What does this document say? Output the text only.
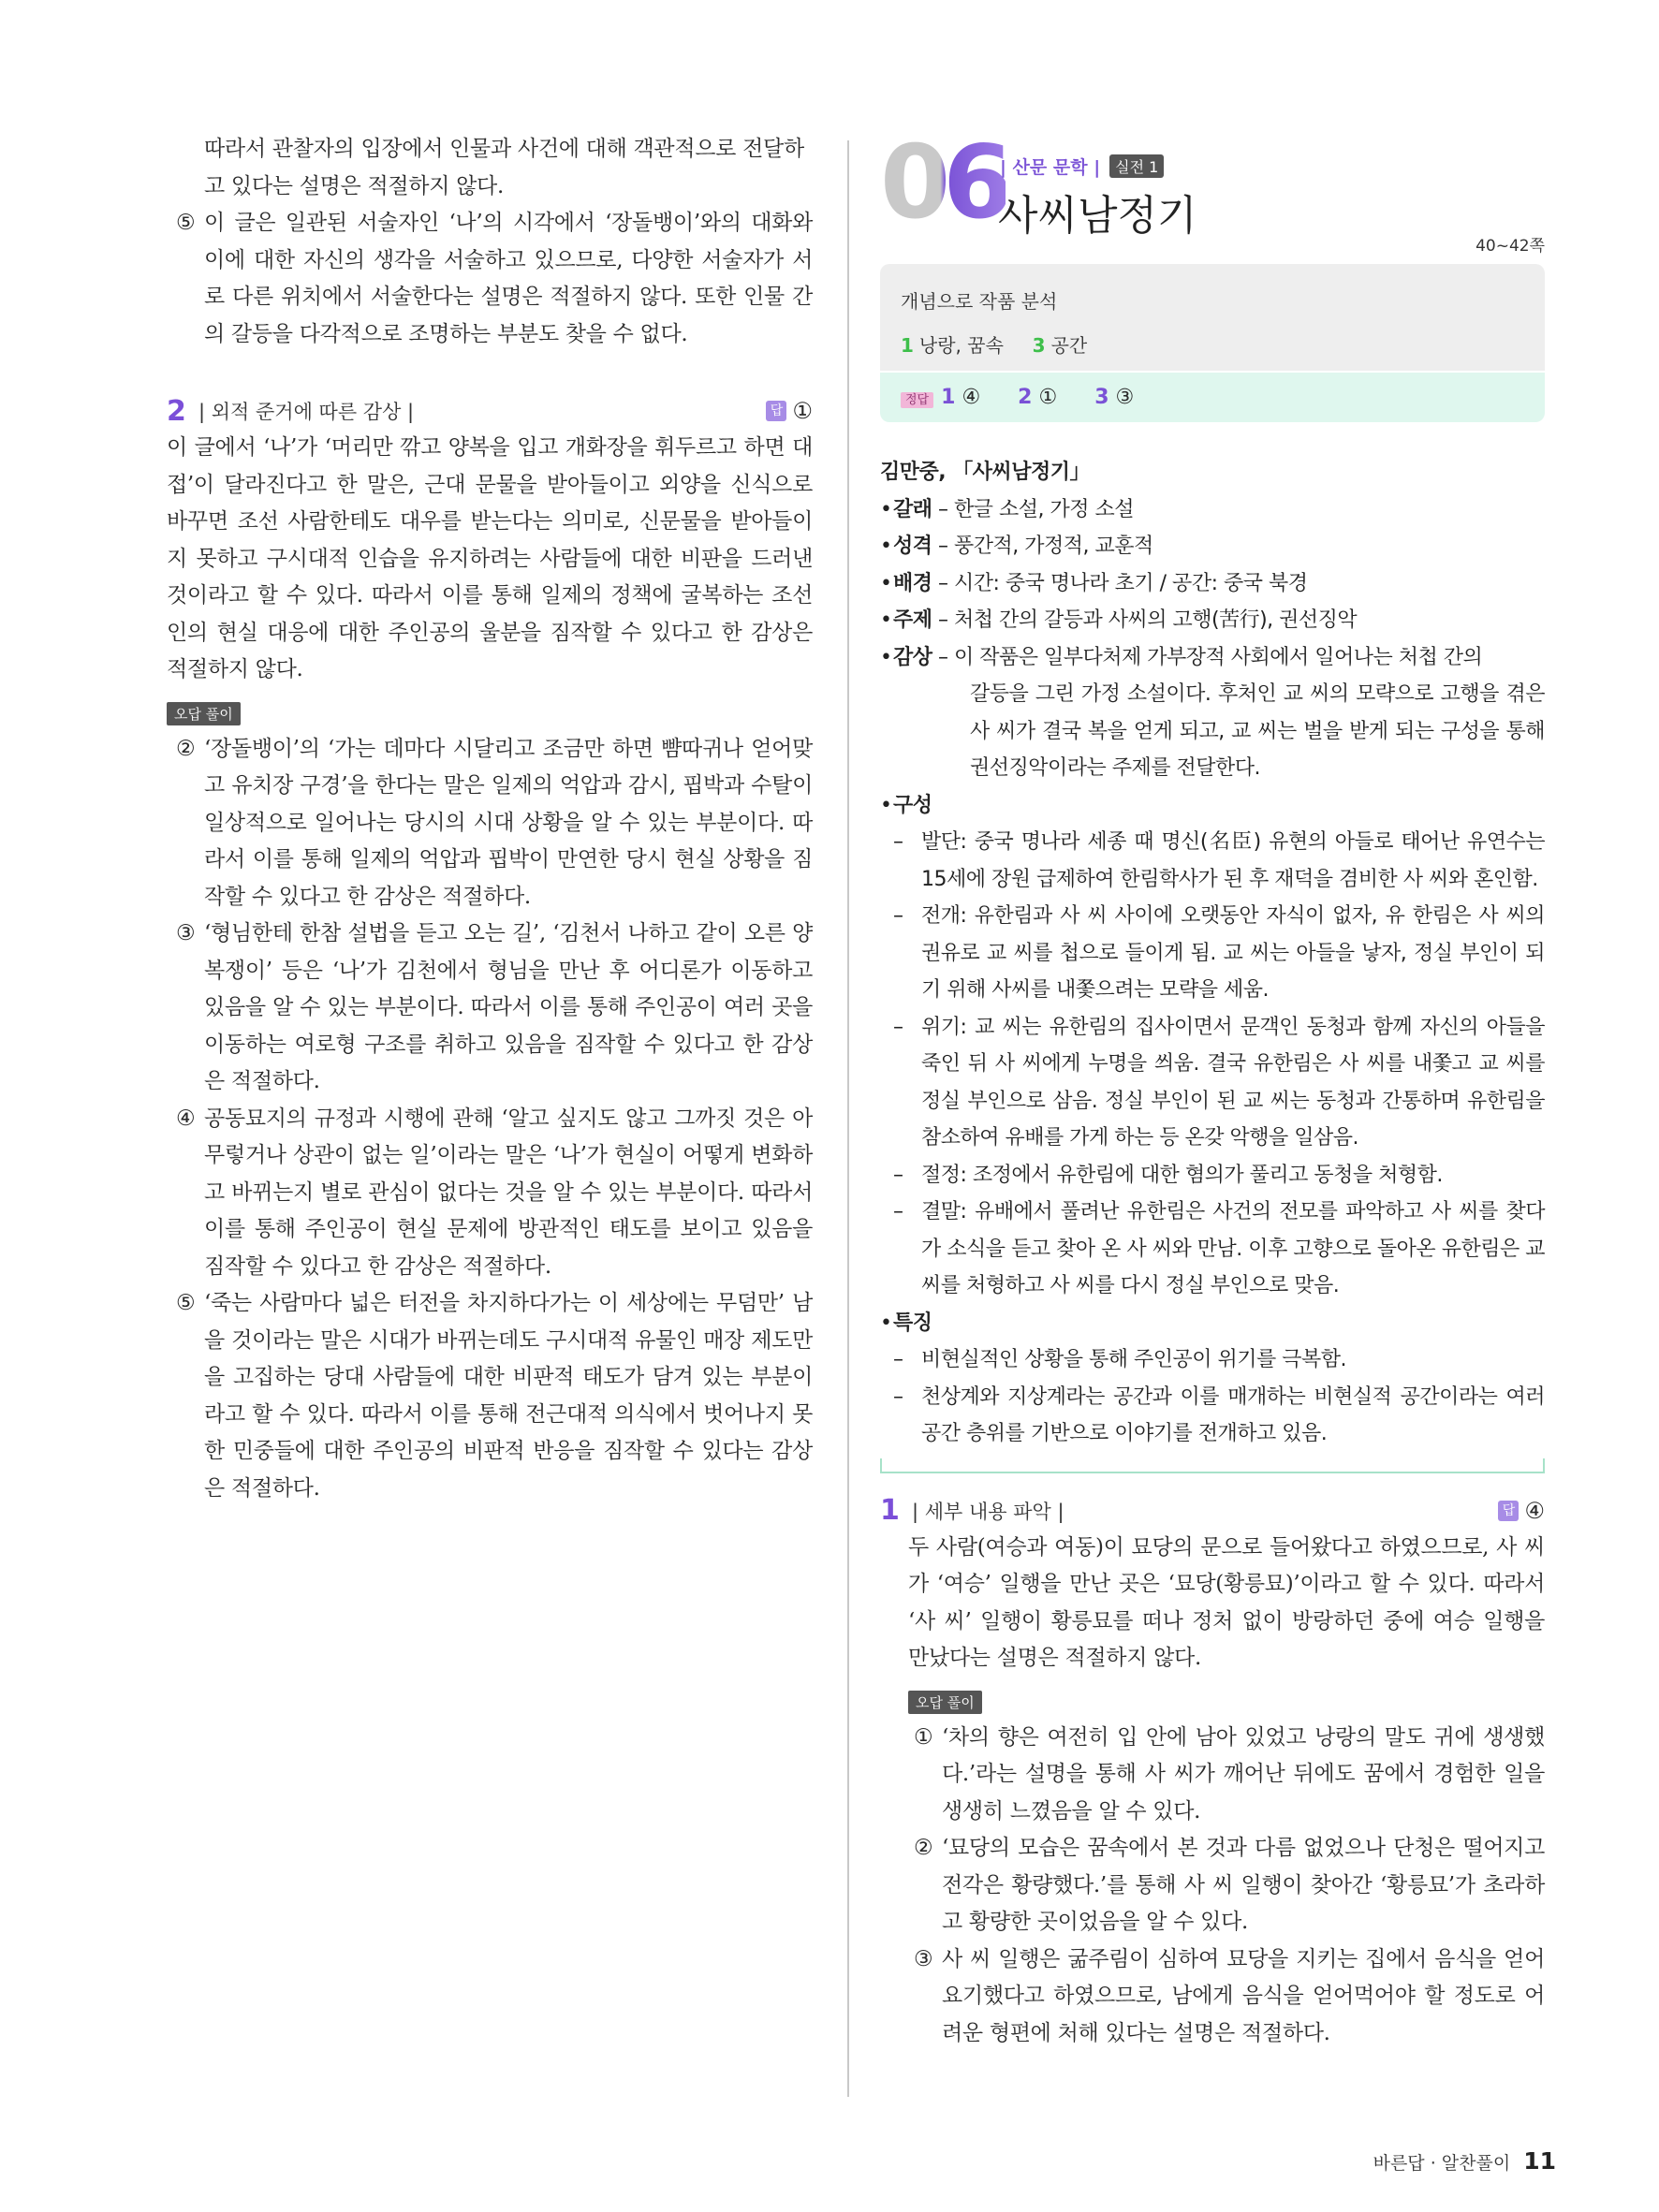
따라서 관찰자의 입장에서 인물과 사건에 대해 객관적으로 전달하

고 있다는 설명은 적절하지 않다.

⑤ 이 글은 일관된 서술자인 ‘나’의 시각에서 ‘장돌뱅이’와의 대화와 이에 대한 자신의 생각을 서술하고 있으므로, 다양한 서술자가 서로 다른 위치에서 서술한다는 설명은 적절하지 않다. 또한 인물 간의 갈등을 다각적으로 조명하는 부분도 찾을 수 없다.
2 | 외적 준거에 따른 감상 |	답 ①

이 글에서 ‘나’가 ‘머리만 깎고 양복을 입고 개화장을 휘두르고 하면 대접’이 달라진다고 한 말은, 근대 문물을 받아들이고 외양을 신식으로 바꾸면 조선 사람한테도 대우를 받는다는 의미로, 신문물을 받아들이지 못하고 구시대적 인습을 유지하려는 사람들에 대한 비판을 드러낸 것이라고 할 수 있다. 따라서 이를 통해 일제의 정책에 굴복하는 조선인의 현실 대응에 대한 주인공의 울분을 짐작할 수 있다고 한 감상은 적절하지 않다.

오답 풀이
② ‘장돌뱅이’의 ‘가는 데마다 시달리고 조금만 하면 뺨따귀나 얻어맞고 유치장 구경’을 한다는 말은 일제의 억압과 감시, 핍박과 수탈이 일상적으로 일어나는 당시의 시대 상황을 알 수 있는 부분이다. 따라서 이를 통해 일제의 억압과 핍박이 만연한 당시 현실 상황을 짐작할 수 있다고 한 감상은 적절하다.
③ ‘형님한테 한참 설법을 듣고 오는 길’, ‘김천서 나하고 같이 오른 양복쟁이’ 등은 ‘나’가 김천에서 형님을 만난 후 어디론가 이동하고 있음을 알 수 있는 부분이다. 따라서 이를 통해 주인공이 여러 곳을 이동하는 여로형 구조를 취하고 있음을 짐작할 수 있다고 한 감상은 적절하다.
④ 공동묘지의 규정과 시행에 관해 ‘알고 싶지도 않고 그까짓 것은 아무렇거나 상관이 없는 일’이라는 말은 ‘나’가 현실이 어떻게 변화하고 바뀌는지 별로 관심이 없다는 것을 알 수 있는 부분이다. 따라서 이를 통해 주인공이 현실 문제에 방관적인 태도를 보이고 있음을 짐작할 수 있다고 한 감상은 적절하다.
⑤ ‘죽는 사람마다 넓은 터전을 차지하다가는 이 세상에는 무덤만’ 남을 것이라는 말은 시대가 바뀌는데도 구시대적 유물인 매장 제도만을 고집하는 당대 사람들에 대한 비판적 태도가 담겨 있는 부분이라고 할 수 있다. 따라서 이를 통해 전근대적 의식에서 벗어나지 못한 민중들에 대한 주인공의 비판적 반응을 짐작할 수 있다는 감상은 적절하다.
06
| 산문 문학 |	실전 1
사씨남정기
40~42쪽
개념으로 작품 분석
1 낭랑, 꿈속 3 공간
정답 1 ④ 2 ① 3 ③
김만중, 「사씨남정기」
• 갈래 – 한글 소설, 가정 소설
• 성격 – 풍간적, 가정적, 교훈적
• 배경 – 시간: 중국 명나라 초기 / 공간: 중국 북경
• 주제 – 처첩 간의 갈등과 사씨의 고행(苦行), 권선징악
• 감상 – 이 작품은 일부다처제 가부장적 사회에서 일어나는 처첩 간의
갈등을 그린 가정 소설이다. 후처인 교 씨의 모략으로 고행을 겪은 사 씨가 결국 복을 얻게 되고, 교 씨는 벌을 받게 되는 구성을 통해 권선징악이라는 주제를 전달한다.
• 구성
– 발단: 중국 명나라 세종 때 명신(名臣) 유현의 아들로 태어난 유연수는 15세에 장원 급제하여 한림학사가 된 후 재덕을 겸비한 사 씨와 혼인함.
– 전개: 유한림과 사 씨 사이에 오랫동안 자식이 없자, 유 한림은 사 씨의 권유로 교 씨를 첩으로 들이게 됨. 교 씨는 아들을 낳자, 정실 부인이 되기 위해 사씨를 내쫓으려는 모략을 세움.
– 위기: 교 씨는 유한림의 집사이면서 문객인 동청과 함께 자신의 아들을 죽인 뒤 사 씨에게 누명을 씌움. 결국 유한림은 사 씨를 내쫓고 교 씨를 정실 부인으로 삼음. 정실 부인이 된 교 씨는 동청과 간통하며 유한림을 참소하여 유배를 가게 하는 등 온갖 악행을 일삼음.
– 절정: 조정에서 유한림에 대한 혐의가 풀리고 동청을 처형함.
– 결말: 유배에서 풀려난 유한림은 사건의 전모를 파악하고 사 씨를 찾다가 소식을 듣고 찾아 온 사 씨와 만남. 이후 고향으로 돌아온 유한림은 교 씨를 처형하고 사 씨를 다시 정실 부인으로 맞음.
• 특징
– 비현실적인 상황을 통해 주인공이 위기를 극복함.
– 천상계와 지상계라는 공간과 이를 매개하는 비현실적 공간이라는 여러 공간 층위를 기반으로 이야기를 전개하고 있음.
1 | 세부 내용 파악 |	답 ④

두 사람(여승과 여동)이 묘당의 문으로 들어왔다고 하였으므로, 사 씨가 ‘여승’ 일행을 만난 곳은 ‘묘당(황릉묘)’이라고 할 수 있다. 따라서 ‘사 씨’ 일행이 황릉묘를 떠나 정처 없이 방랑하던 중에 여승 일행을 만났다는 설명은 적절하지 않다.

오답 풀이
① ‘차의 향은 여전히 입 안에 남아 있었고 낭랑의 말도 귀에 생생했다.’라는 설명을 통해 사 씨가 깨어난 뒤에도 꿈에서 경험한 일을 생생히 느꼈음을 알 수 있다.
② ‘묘당의 모습은 꿈속에서 본 것과 다름 없었으나 단청은 떨어지고 전각은 황량했다.’를 통해 사 씨 일행이 찾아간 ‘황릉묘’가 초라하고 황량한 곳이었음을 알 수 있다.
③ 사 씨 일행은 굶주림이 심하여 묘당을 지키는 집에서 음식을 얻어 요기했다고 하였으므로, 남에게 음식을 얻어먹어야 할 정도로 어려운 형편에 처해 있다는 설명은 적절하다.
바른답 · 알찬풀이 11
